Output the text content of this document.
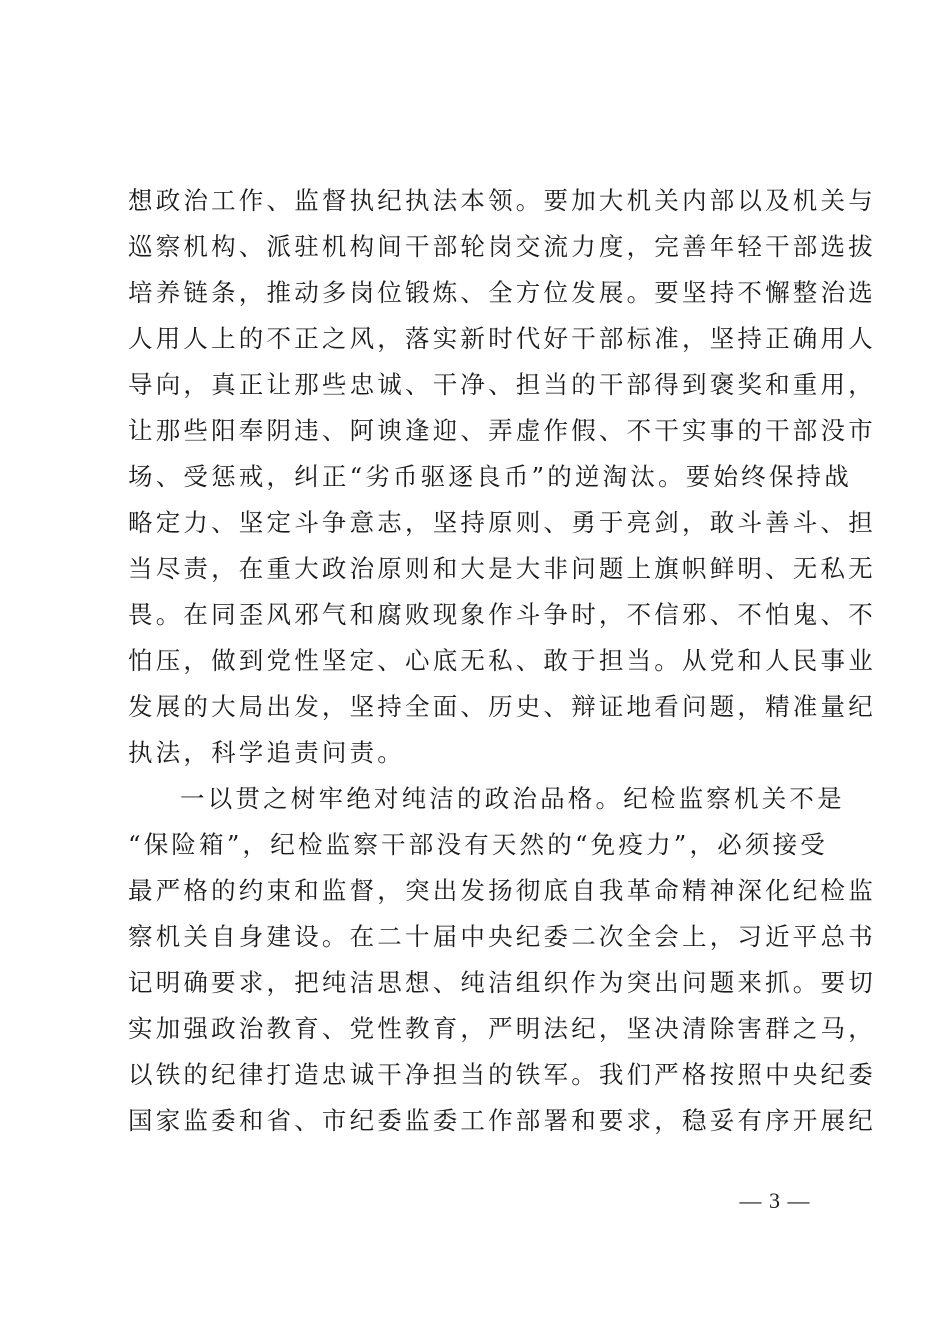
想政治工作、监督执纪执法本领。要加大机关内部以及机关与
巡察机构、派驻机构间干部轮岗交流力度，完善年轻干部选拔
培养链条，推动多岗位锻炼、全方位发展。要坚持不懈整治选
人用人上的不正之风，落实新时代好干部标准，坚持正确用人
导向，真正让那些忠诚、干净、担当的干部得到褒奖和重用，
让那些阳奉阴违、阿谀逢迎、弄虚作假、不干实事的干部没市
场、受惩戒，纠正“劣币驱逐良币”的逆淘汰。要始终保持战
略定力、坚定斗争意志，坚持原则、勇于亮剑，敢斗善斗、担
当尽责，在重大政治原则和大是大非问题上旗帜鲜明、无私无
畏。在同歪风邪气和腐败现象作斗争时，不信邪、不怕鬼、不
怕压，做到党性坚定、心底无私、敢于担当。从党和人民事业
发展的大局出发，坚持全面、历史、辩证地看问题，精准量纪
执法，科学追责问责。
一以贯之树牢绝对纯洁的政治品格。纪检监察机关不是
“保险箱”，纪检监察干部没有天然的“免疫力”，必须接受
最严格的约束和监督，突出发扬彻底自我革命精神深化纪检监
察机关自身建设。在二十届中央纪委二次全会上，习近平总书
记明确要求，把纯洁思想、纯洁组织作为突出问题来抓。要切
实加强政治教育、党性教育，严明法纪，坚决清除害群之马，
以铁的纪律打造忠诚干净担当的铁军。我们严格按照中央纪委
国家监委和省、市纪委监委工作部署和要求，稳妥有序开展纪
— 3 —
